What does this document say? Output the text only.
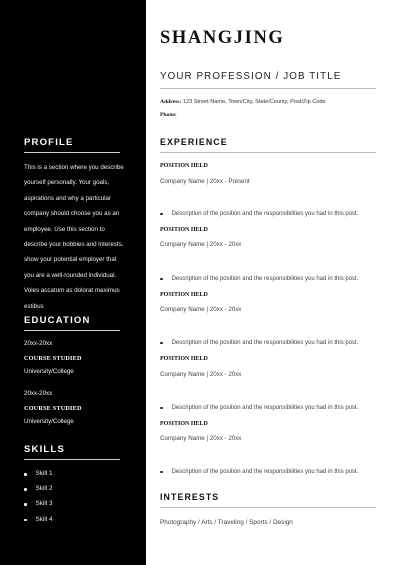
PROFILE
This is a section where you describe yourself personally. Your goals, aspirations and why a particular company should choose you as an employee. Use this section to describe your hobbies and interests, show your potential employer that you are a well-rounded individual. Voles accatum as dolorat maximus estibus
EDUCATION
20xx-20xx
COURSE STUDIED
University/College
20xx-20xx
COURSE STUDIED
University/College
SKILLS
Skill 1
Skill 2
Skill 3
Skill 4
SHANGJING
YOUR PROFESSION / JOB TITLE
Address: 123 Street Name, Town/City, State/County, Post/Zip Code
Phone:
EXPERIENCE
POSITION HELD
Company Name | 20xx - Present
Description of the position and the responsibilities you had in this post.
POSITION HELD
Company Name | 20xx - 20xx
Description of the position and the responsibilities you had in this post.
POSITION HELD
Company Name | 20xx - 20xx
Description of the position and the responsibilities you had in this post.
POSITION HELD
Company Name | 20xx - 20xx
Description of the position and the responsibilities you had in this post.
POSITION HELD
Company Name | 20xx - 20xx
Description of the position and the responsibilities you had in this post.
INTERESTS
Photography / Arts / Traveling / Sports / Design
